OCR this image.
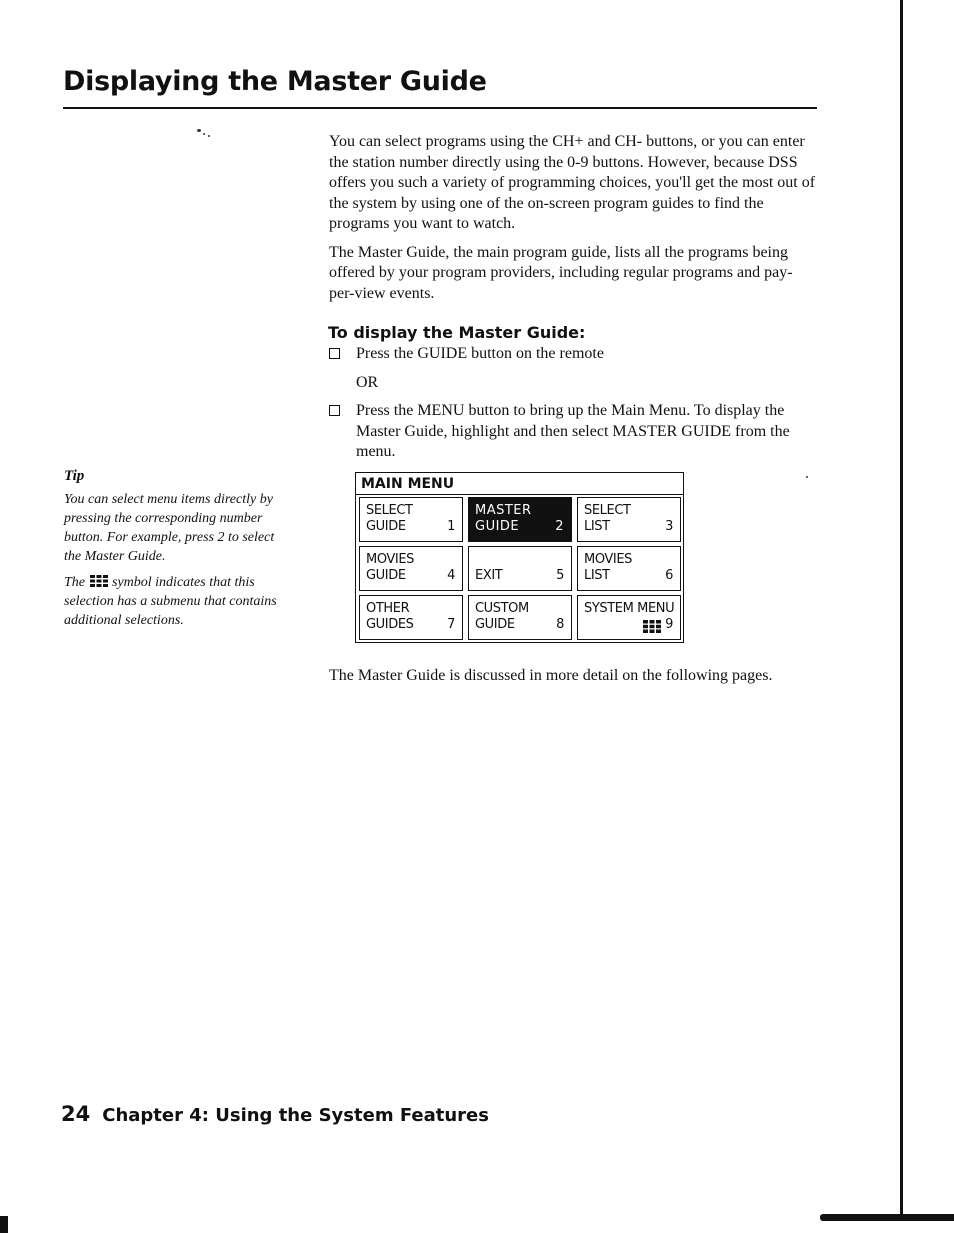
Displaying the Master Guide
Tip

You can select menu items directly by pressing the corresponding number button. For example, press 2 to select the Master Guide.

The symbol indicates that this selection has a submenu that contains additional selections.

You can select programs using the CH+ and CH- buttons, or you can enter the station number directly using the 0-9 buttons. However, because DSS offers you such a variety of programming choices, you'll get the most out of the system by using one of the on-screen program guides to find the programs you want to watch.

The Master Guide, the main program guide, lists all the programs being offered by your program providers, including regular programs and pay-per-view events.

To display the Master Guide:

Press the GUIDE button on the remote

OR

Press the MENU button to bring up the Main Menu. To display the Master Guide, highlight and then select MASTER GUIDE from the menu.

MAIN MENU
SELECT
GUIDE	1
MASTER
GUIDE	2
SELECT
LIST	3
MOVIES
GUIDE	4 EXIT	5
MOVIES
LIST	6
OTHER
GUIDES	7
CUSTOM
GUIDE	8
SYSTEM MENU
9

The Master Guide is discussed in more detail on the following pages.

24 Chapter 4: Using the System Features
